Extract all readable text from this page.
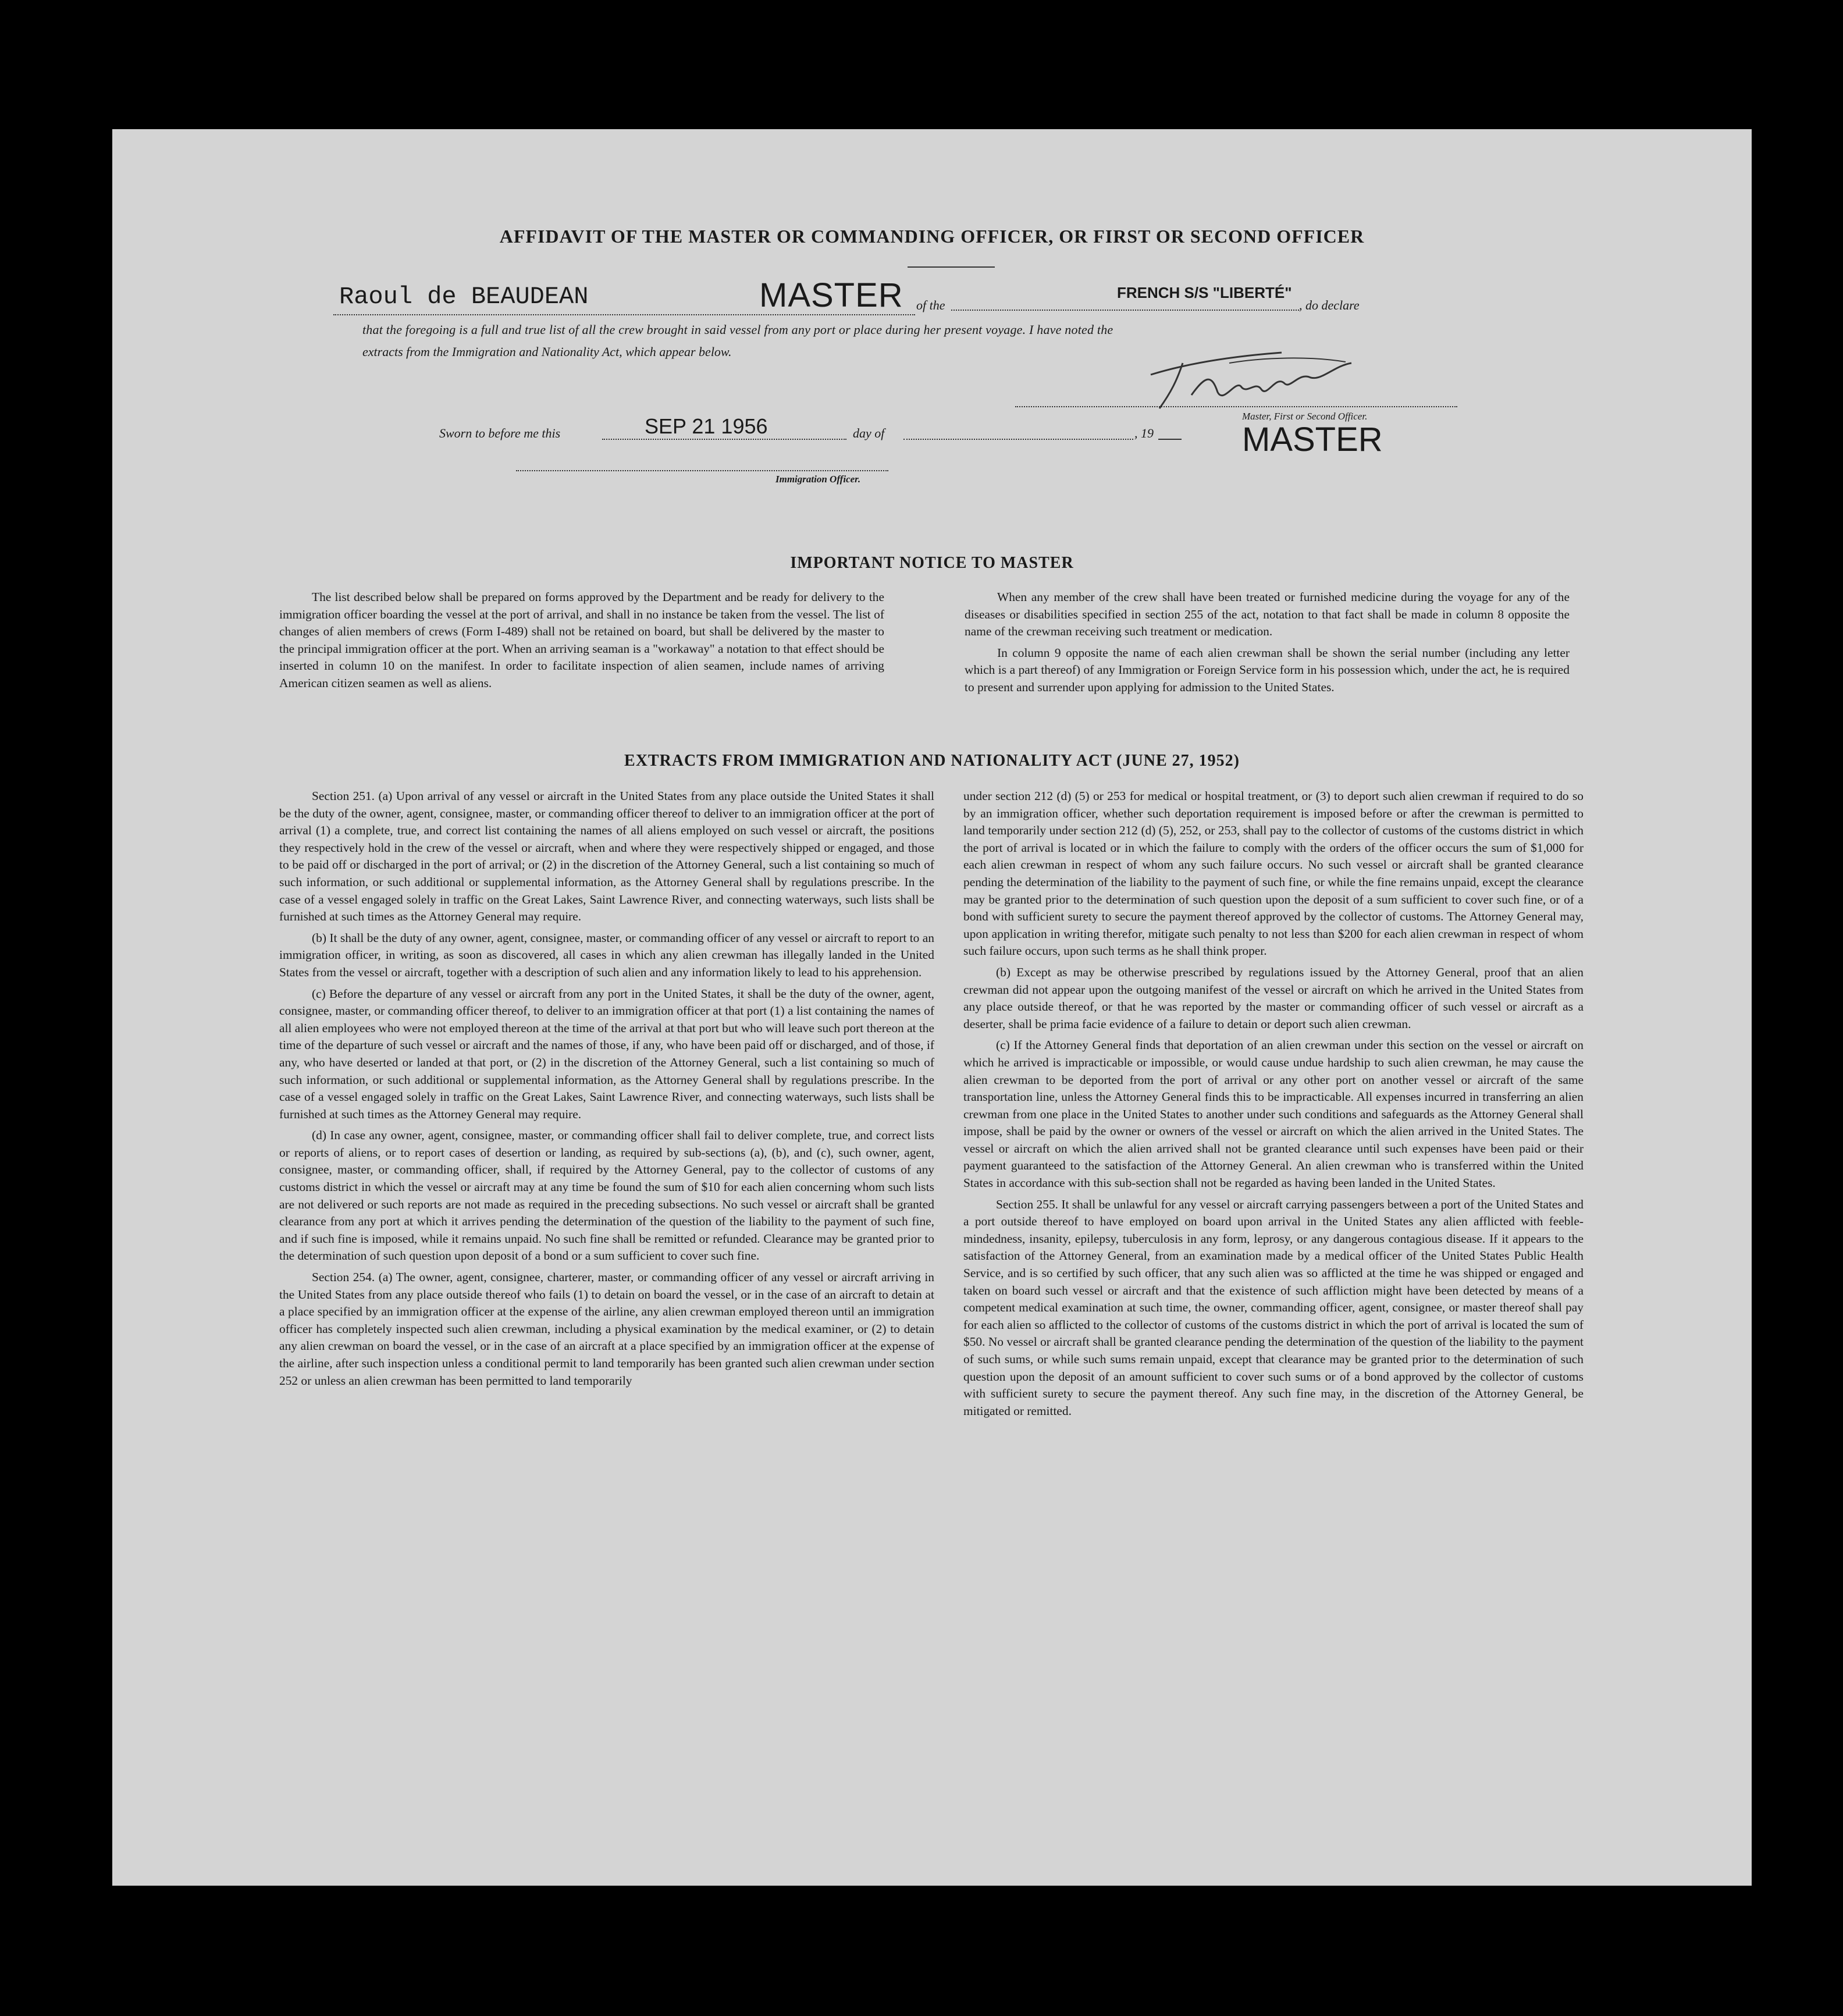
AFFIDAVIT OF THE MASTER OR COMMANDING OFFICER, OR FIRST OR SECOND OFFICER
Raoul de BEAUDEAN	MASTER of the
FRENCH S/S "LIBERTÉ"
, do declare
that the foregoing is a full and true list of all the crew brought in said vessel from any port or place during her present voyage. I have noted the
extracts from the Immigration and Nationality Act, which appear below.
Master, First or Second Officer.
MASTER
Sworn to before me this	SEP 21 1956	day of	, 19
Immigration Officer.
IMPORTANT NOTICE TO MASTER

The list described below shall be prepared on forms approved by the Department and be ready for delivery to the immigration officer boarding the vessel at the port of arrival, and shall in no instance be taken from the vessel. The list of changes of alien members of crews (Form I-489) shall not be retained on board, but shall be delivered by the master to the principal immigration officer at the port. When an arriving seaman is a "workaway" a notation to that effect should be inserted in column 10 on the manifest. In order to facilitate inspection of alien seamen, include names of arriving American citizen seamen as well as aliens.

When any member of the crew shall have been treated or furnished medicine during the voyage for any of the diseases or disabilities specified in section 255 of the act, notation to that fact shall be made in column 8 opposite the name of the crewman receiving such treatment or medication.

In column 9 opposite the name of each alien crewman shall be shown the serial number (including any letter which is a part thereof) of any Immigration or Foreign Service form in his possession which, under the act, he is required to present and surrender upon applying for admission to the United States.

EXTRACTS FROM IMMIGRATION AND NATIONALITY ACT (JUNE 27, 1952)

Section 251. (a) Upon arrival of any vessel or aircraft in the United States from any place outside the United States it shall be the duty of the owner, agent, consignee, master, or commanding officer thereof to deliver to an immigration officer at the port of arrival (1) a complete, true, and correct list containing the names of all aliens employed on such vessel or aircraft, the positions they respectively hold in the crew of the vessel or aircraft, when and where they were respectively shipped or engaged, and those to be paid off or discharged in the port of arrival; or (2) in the discretion of the Attorney General, such a list containing so much of such information, or such additional or supplemental information, as the Attorney General shall by regulations prescribe. In the case of a vessel engaged solely in traffic on the Great Lakes, Saint Lawrence River, and connecting waterways, such lists shall be furnished at such times as the Attorney General may require.

(b) It shall be the duty of any owner, agent, consignee, master, or commanding officer of any vessel or aircraft to report to an immigration officer, in writing, as soon as discovered, all cases in which any alien crewman has illegally landed in the United States from the vessel or aircraft, together with a description of such alien and any information likely to lead to his apprehension.

(c) Before the departure of any vessel or aircraft from any port in the United States, it shall be the duty of the owner, agent, consignee, master, or commanding officer thereof, to deliver to an immigration officer at that port (1) a list containing the names of all alien employees who were not employed thereon at the time of the arrival at that port but who will leave such port thereon at the time of the departure of such vessel or aircraft and the names of those, if any, who have been paid off or discharged, and of those, if any, who have deserted or landed at that port, or (2) in the discretion of the Attorney General, such a list containing so much of such information, or such additional or supplemental information, as the Attorney General shall by regulations prescribe. In the case of a vessel engaged solely in traffic on the Great Lakes, Saint Lawrence River, and connecting waterways, such lists shall be furnished at such times as the Attorney General may require.

(d) In case any owner, agent, consignee, master, or commanding officer shall fail to deliver complete, true, and correct lists or reports of aliens, or to report cases of desertion or landing, as required by sub-sections (a), (b), and (c), such owner, agent, consignee, master, or commanding officer, shall, if required by the Attorney General, pay to the collector of customs of any customs district in which the vessel or aircraft may at any time be found the sum of $10 for each alien concerning whom such lists are not delivered or such reports are not made as required in the preceding subsections. No such vessel or aircraft shall be granted clearance from any port at which it arrives pending the determination of the question of the liability to the payment of such fine, and if such fine is imposed, while it remains unpaid. No such fine shall be remitted or refunded. Clearance may be granted prior to the determination of such question upon deposit of a bond or a sum sufficient to cover such fine.

Section 254. (a) The owner, agent, consignee, charterer, master, or commanding officer of any vessel or aircraft arriving in the United States from any place outside thereof who fails (1) to detain on board the vessel, or in the case of an aircraft to detain at a place specified by an immigration officer at the expense of the airline, any alien crewman employed thereon until an immigration officer has completely inspected such alien crewman, including a physical examination by the medical examiner, or (2) to detain any alien crewman on board the vessel, or in the case of an aircraft at a place specified by an immigration officer at the expense of the airline, after such inspection unless a conditional permit to land temporarily has been granted such alien crewman under section 252 or unless an alien crewman has been permitted to land temporarily

under section 212 (d) (5) or 253 for medical or hospital treatment, or (3) to deport such alien crewman if required to do so by an immigration officer, whether such deportation requirement is imposed before or after the crewman is permitted to land temporarily under section 212 (d) (5), 252, or 253, shall pay to the collector of customs of the customs district in which the port of arrival is located or in which the failure to comply with the orders of the officer occurs the sum of $1,000 for each alien crewman in respect of whom any such failure occurs. No such vessel or aircraft shall be granted clearance pending the determination of the liability to the payment of such fine, or while the fine remains unpaid, except the clearance may be granted prior to the determination of such question upon the deposit of a sum sufficient to cover such fine, or of a bond with sufficient surety to secure the payment thereof approved by the collector of customs. The Attorney General may, upon application in writing therefor, mitigate such penalty to not less than $200 for each alien crewman in respect of whom such failure occurs, upon such terms as he shall think proper.

(b) Except as may be otherwise prescribed by regulations issued by the Attorney General, proof that an alien crewman did not appear upon the outgoing manifest of the vessel or aircraft on which he arrived in the United States from any place outside thereof, or that he was reported by the master or commanding officer of such vessel or aircraft as a deserter, shall be prima facie evidence of a failure to detain or deport such alien crewman.

(c) If the Attorney General finds that deportation of an alien crewman under this section on the vessel or aircraft on which he arrived is impracticable or impossible, or would cause undue hardship to such alien crewman, he may cause the alien crewman to be deported from the port of arrival or any other port on another vessel or aircraft of the same transportation line, unless the Attorney General finds this to be impracticable. All expenses incurred in transferring an alien crewman from one place in the United States to another under such conditions and safeguards as the Attorney General shall impose, shall be paid by the owner or owners of the vessel or aircraft on which the alien arrived in the United States. The vessel or aircraft on which the alien arrived shall not be granted clearance until such expenses have been paid or their payment guaranteed to the satisfaction of the Attorney General. An alien crewman who is transferred within the United States in accordance with this sub-section shall not be regarded as having been landed in the United States.

Section 255. It shall be unlawful for any vessel or aircraft carrying passengers between a port of the United States and a port outside thereof to have employed on board upon arrival in the United States any alien afflicted with feeble-mindedness, insanity, epilepsy, tuberculosis in any form, leprosy, or any dangerous contagious disease. If it appears to the satisfaction of the Attorney General, from an examination made by a medical officer of the United States Public Health Service, and is so certified by such officer, that any such alien was so afflicted at the time he was shipped or engaged and taken on board such vessel or aircraft and that the existence of such affliction might have been detected by means of a competent medical examination at such time, the owner, commanding officer, agent, consignee, or master thereof shall pay for each alien so afflicted to the collector of customs of the customs district in which the port of arrival is located the sum of $50. No vessel or aircraft shall be granted clearance pending the determination of the question of the liability to the payment of such sums, or while such sums remain unpaid, except that clearance may be granted prior to the determination of such question upon the deposit of an amount sufficient to cover such sums or of a bond approved by the collector of customs with sufficient surety to secure the payment thereof. Any such fine may, in the discretion of the Attorney General, be mitigated or remitted.
